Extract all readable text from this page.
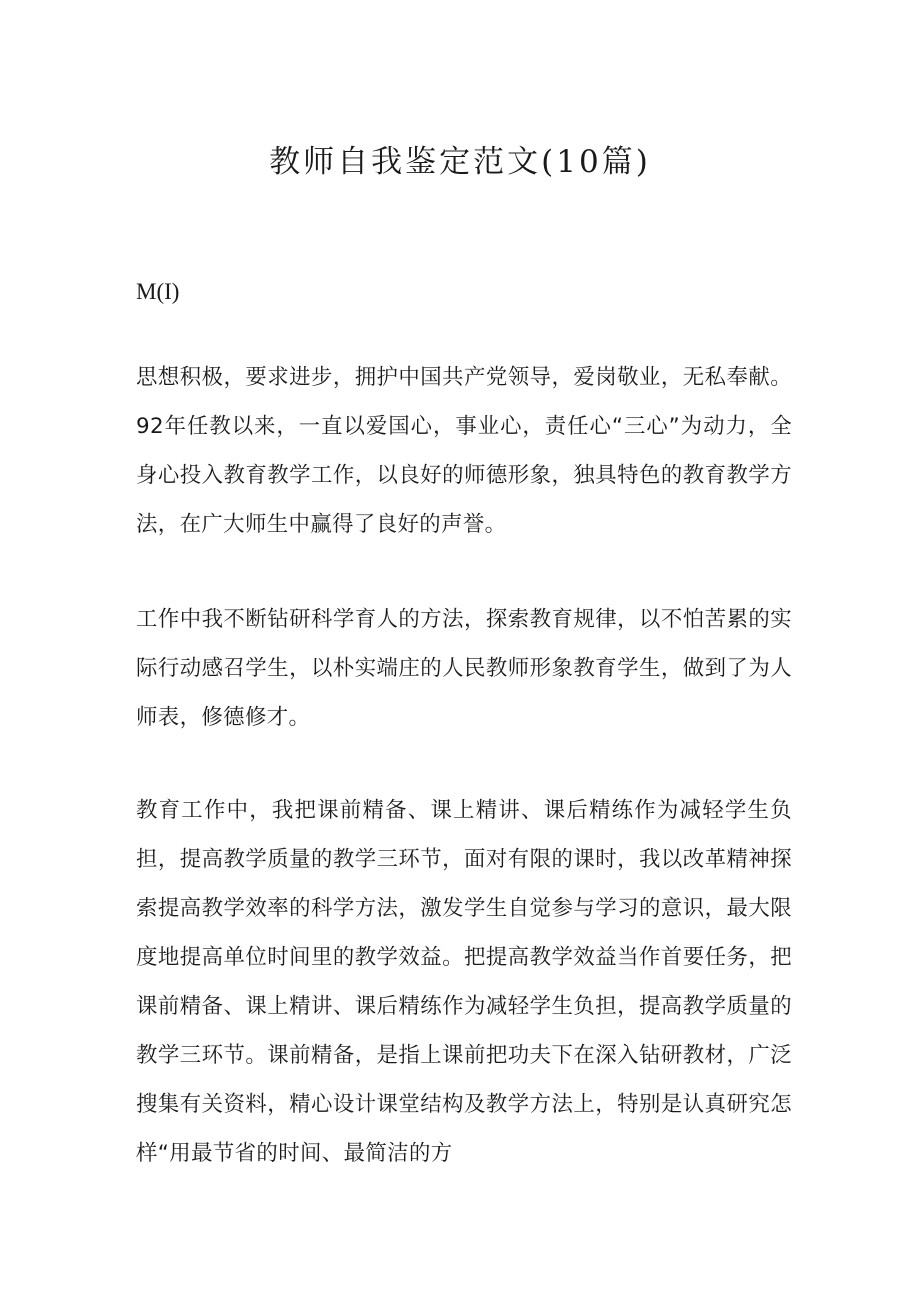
教师自我鉴定范文(10篇)
M(I)

思想积极，要求进步，拥护中国共产党领导，爱岗敬业，无私奉献。92年任教以来，一直以爱国心，事业心，责任心“三心”为动力，全身心投入教育教学工作，以良好的师德形象，独具特色的教育教学方法，在广大师生中赢得了良好的声誉。

工作中我不断钻研科学育人的方法，探索教育规律，以不怕苦累的实际行动感召学生，以朴实端庄的人民教师形象教育学生，做到了为人师表，修德修才。

教育工作中，我把课前精备、课上精讲、课后精练作为减轻学生负担，提高教学质量的教学三环节，面对有限的课时，我以改革精神探索提高教学效率的科学方法，激发学生自觉参与学习的意识，最大限度地提高单位时间里的教学效益。把提高教学效益当作首要任务，把课前精备、课上精讲、课后精练作为减轻学生负担，提高教学质量的教学三环节。课前精备，是指上课前把功夫下在深入钻研教材，广泛搜集有关资料，精心设计课堂结构及教学方法上，特别是认真研究怎样“用最节省的时间、最简洁的方
